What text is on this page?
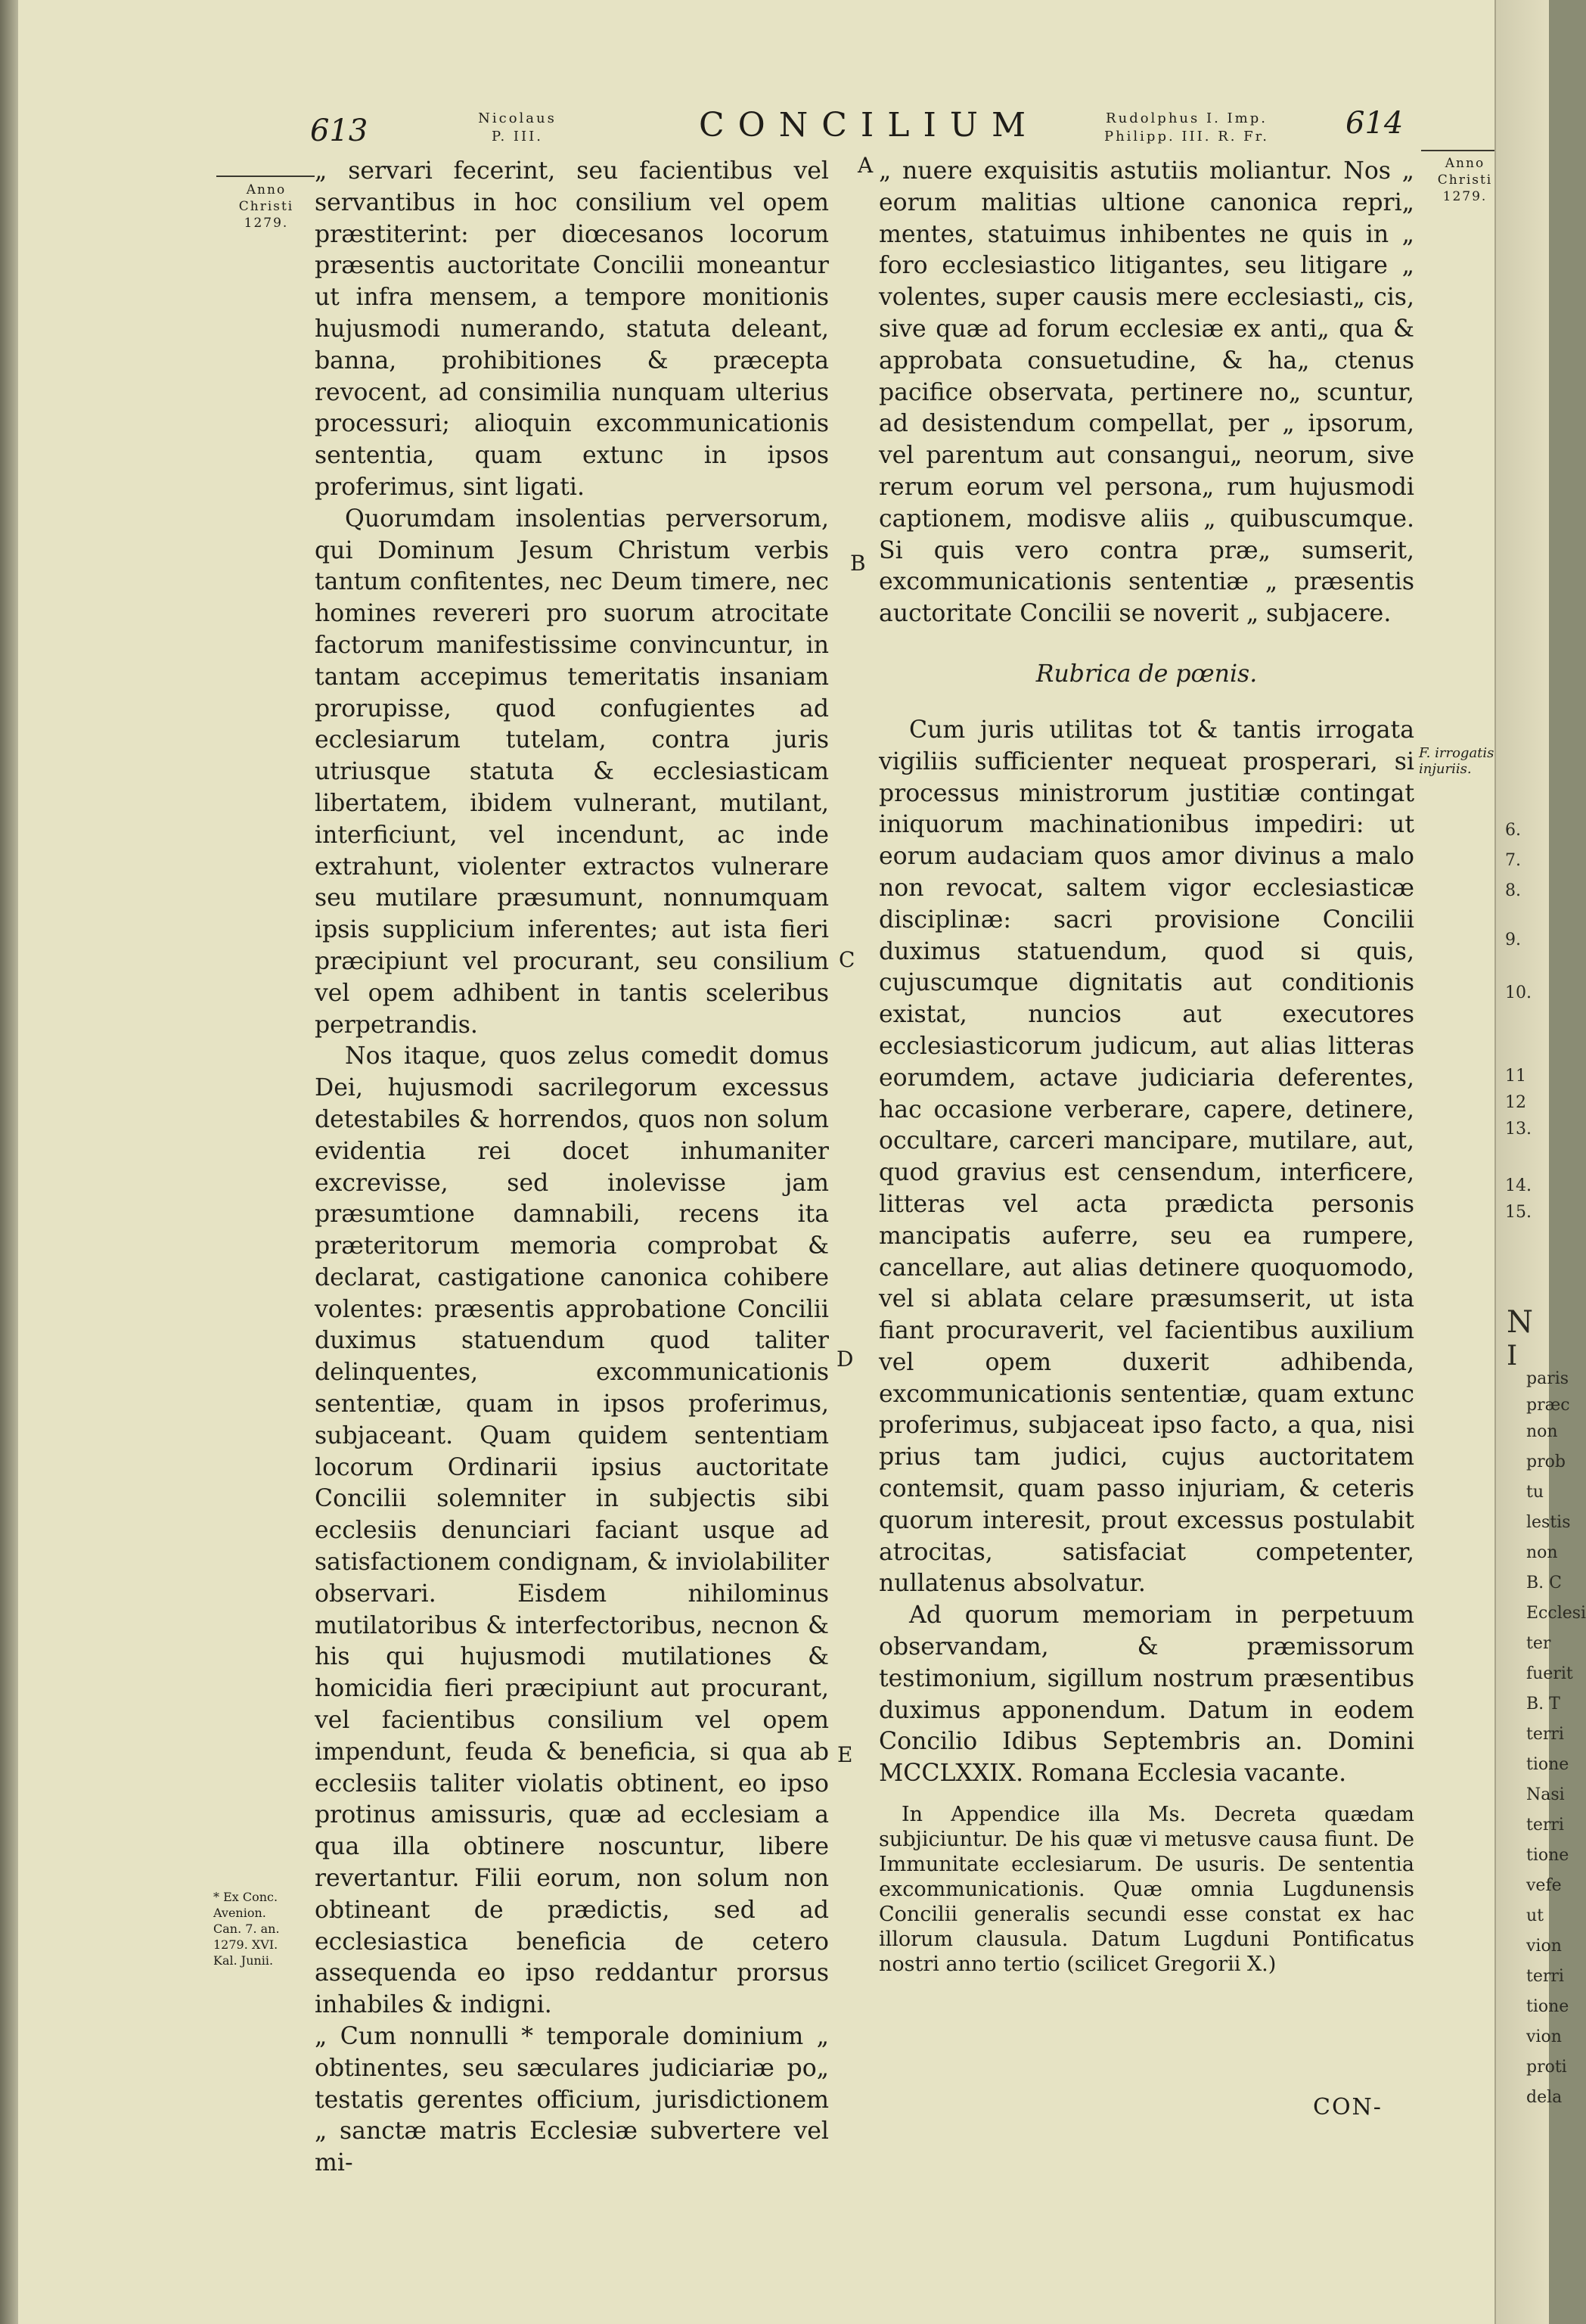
613	Nicolaus
P. III.	CONCILIUM	Rudolphus I. Imp.
Philipp. III. R. Fr.	614
Anno
Christi
1279.
* Ex Conc.
Avenion.
Can. 7. an.
1279. XVI.
Kal. Junii.
A
B
C
D
E

„ servari fecerint, seu facientibus vel servantibus in hoc consilium vel opem præstiterint: per diœcesanos locorum præsentis auctoritate Concilii moneantur ut infra mensem, a tempore monitionis hujusmodi numerando, statuta deleant, banna, prohibitiones & præcepta revocent, ad consimilia nunquam ulterius processuri; alioquin excommunicationis sententia, quam extunc in ipsos proferimus, sint ligati.

Quorumdam insolentias perversorum, qui Dominum Jesum Christum verbis tantum confitentes, nec Deum timere, nec homines revereri pro suorum atrocitate factorum manifestissime convincuntur, in tantam accepimus temeritatis insaniam prorupisse, quod confugientes ad ecclesiarum tutelam, contra juris utriusque statuta & ecclesiasticam libertatem, ibidem vulnerant, mutilant, interficiunt, vel incendunt, ac inde extrahunt, violenter extractos vulnerare seu mutilare præsumunt, nonnumquam ipsis supplicium inferentes; aut ista fieri præcipiunt vel procurant, seu consilium vel opem adhibent in tantis sceleribus perpetrandis.

Nos itaque, quos zelus comedit domus Dei, hujusmodi sacrilegorum excessus detestabiles & horrendos, quos non solum evidentia rei docet inhumaniter excrevisse, sed inolevisse jam præsumtione damnabili, recens ita præteritorum memoria comprobat & declarat, castigatione canonica cohibere volentes: præsentis approbatione Concilii duximus statuendum quod taliter delinquentes, excommunicationis sententiæ, quam in ipsos proferimus, subjaceant. Quam quidem sententiam locorum Ordinarii ipsius auctoritate Concilii solemniter in subjectis sibi ecclesiis denunciari faciant usque ad satisfactionem condignam, & inviolabiliter observari. Eisdem nihilominus mutilatoribus & interfectoribus, necnon & his qui hujusmodi mutilationes & homicidia fieri præcipiunt aut procurant, vel facientibus consilium vel opem impendunt, feuda & beneficia, si qua ab ecclesiis taliter violatis obtinent, eo ipso protinus amissuris, quæ ad ecclesiam a qua illa obtinere noscuntur, libere revertantur. Filii eorum, non solum non obtineant de prædictis, sed ad ecclesiastica beneficia de cetero assequenda eo ipso reddantur prorsus inhabiles & indigni.

„ Cum nonnulli * temporale dominium „ obtinentes, seu sæculares judiciariæ po„ testatis gerentes officium, jurisdictionem „ sanctæ matris Ecclesiæ subvertere vel mi-

„ nuere exquisitis astutiis moliantur. Nos „ eorum malitias ultione canonica repri„ mentes, statuimus inhibentes ne quis in „ foro ecclesiastico litigantes, seu litigare „ volentes, super causis mere ecclesiasti„ cis, sive quæ ad forum ecclesiæ ex anti„ qua & approbata consuetudine, & ha„ ctenus pacifice observata, pertinere no„ scuntur, ad desistendum compellat, per „ ipsorum, vel parentum aut consangui„ neorum, sive rerum eorum vel persona„ rum hujusmodi captionem, modisve aliis „ quibuscumque. Si quis vero contra præ„ sumserit, excommunicationis sententiæ „ præsentis auctoritate Concilii se noverit „ subjacere.

Rubrica de pœnis.

Cum juris utilitas tot & tantis irrogata vigiliis sufficienter nequeat prosperari, si processus ministrorum justitiæ contingat iniquorum machinationibus impediri: ut eorum audaciam quos amor divinus a malo non revocat, saltem vigor ecclesiasticæ disciplinæ: sacri provisione Concilii duximus statuendum, quod si quis, cujuscumque dignitatis aut conditionis existat, nuncios aut executores ecclesiasticorum judicum, aut alias litteras eorumdem, actave judiciaria deferentes, hac occasione verberare, capere, detinere, occultare, carceri mancipare, mutilare, aut, quod gravius est censendum, interficere, litteras vel acta prædicta personis mancipatis auferre, seu ea rumpere, cancellare, aut alias detinere quoquomodo, vel si ablata celare præsumserit, ut ista fiant procuraverit, vel facientibus auxilium vel opem duxerit adhibenda, excommunicationis sententiæ, quam extunc proferimus, subjaceat ipso facto, a qua, nisi prius tam judici, cujus auctoritatem contemsit, quam passo injuriam, & ceteris quorum interesit, prout excessus postulabit atrocitas, satisfaciat competenter, nullatenus absolvatur.

Ad quorum memoriam in perpetuum observandam, & præmissorum testimonium, sigillum nostrum præsentibus duximus apponendum. Datum in eodem Concilio Idibus Septembris an. Domini MCCLXXIX. Romana Ecclesia vacante.

In Appendice illa Ms. Decreta quædam subjiciuntur. De his quæ vi metusve causa fiunt. De Immunitate ecclesiarum. De usuris. De sententia excommunicationis. Quæ omnia Lugdunensis Concilii generalis secundi esse constat ex hac illorum clausula. Datum Lugduni Pontificatus nostri anno tertio (scilicet Gregorii X.)

Anno
Christi
1279.
F. irrogatis
injuriis.
CON-
6.
7.
8.
9.
10.
11
12
13.
14.
15.
N
I
paris
præc
non
prob
tu
lestis
non
B. C
Ecclesi
ter
fuerit
B. T
terri
tione
Nasi
terri
tione
vefe
ut
vion
terri
tione
vion
proti
dela
